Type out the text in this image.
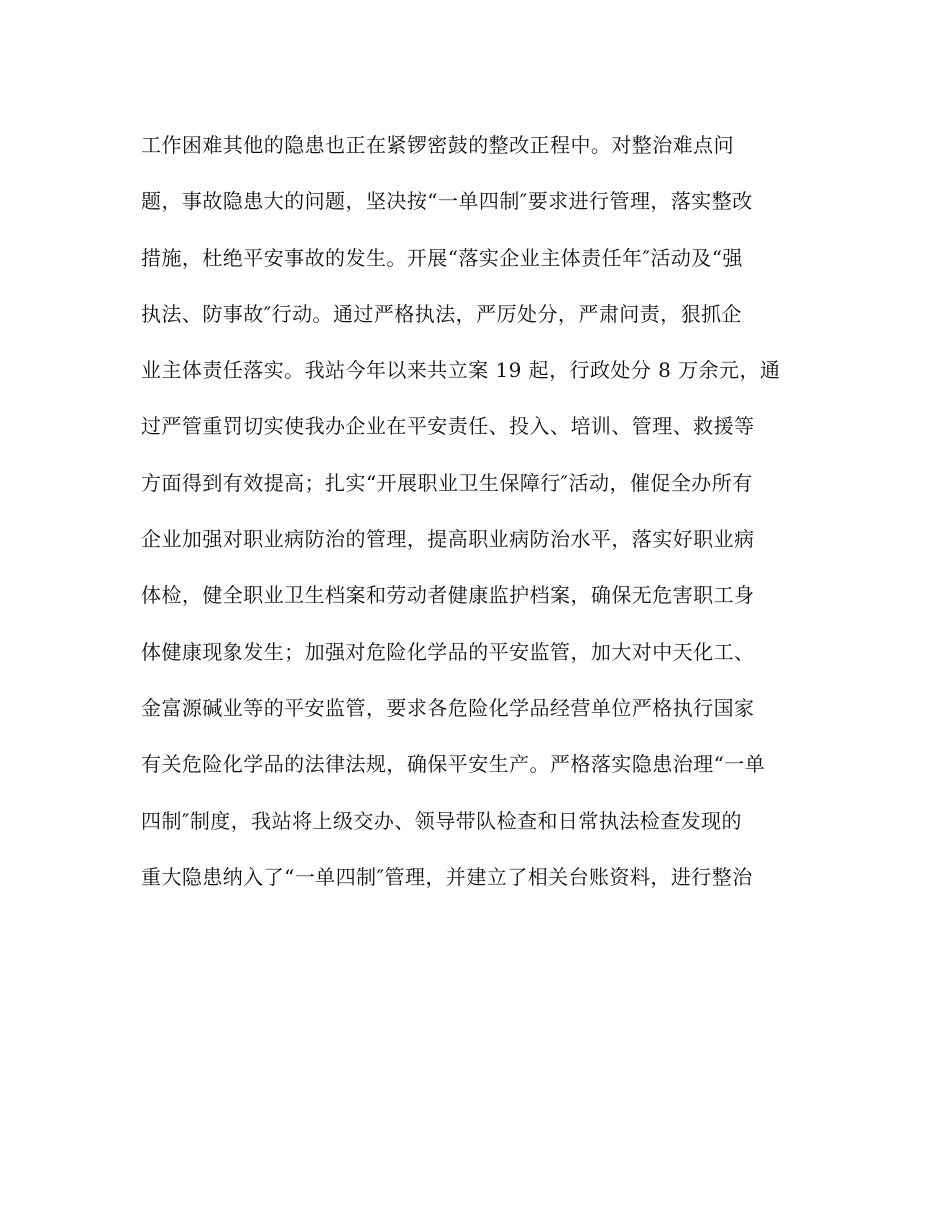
工作困难其他的隐患也正在紧锣密鼓的整改正程中。对整治难点问
题，事故隐患大的问题，坚决按“一单四制″要求进行管理，落实整改
措施，杜绝平安事故的发生。开展“落实企业主体责任年″活动及“强
执法、防事故″行动。通过严格执法，严厉处分，严肃问责，狠抓企
业主体责任落实。我站今年以来共立案 19 起，行政处分 8 万余元，通
过严管重罚切实使我办企业在平安责任、投入、培训、管理、救援等
方面得到有效提高；扎实“开展职业卫生保障行″活动，催促全办所有
企业加强对职业病防治的管理，提高职业病防治水平，落实好职业病
体检，健全职业卫生档案和劳动者健康监护档案，确保无危害职工身
体健康现象发生；加强对危险化学品的平安监管，加大对中天化工、
金富源碱业等的平安监管，要求各危险化学品经营单位严格执行国家
有关危险化学品的法律法规，确保平安生产。严格落实隐患治理“一单
四制″制度，我站将上级交办、领导带队检查和日常执法检查发现的
重大隐患纳入了“一单四制″管理，并建立了相关台账资料，进行整治
